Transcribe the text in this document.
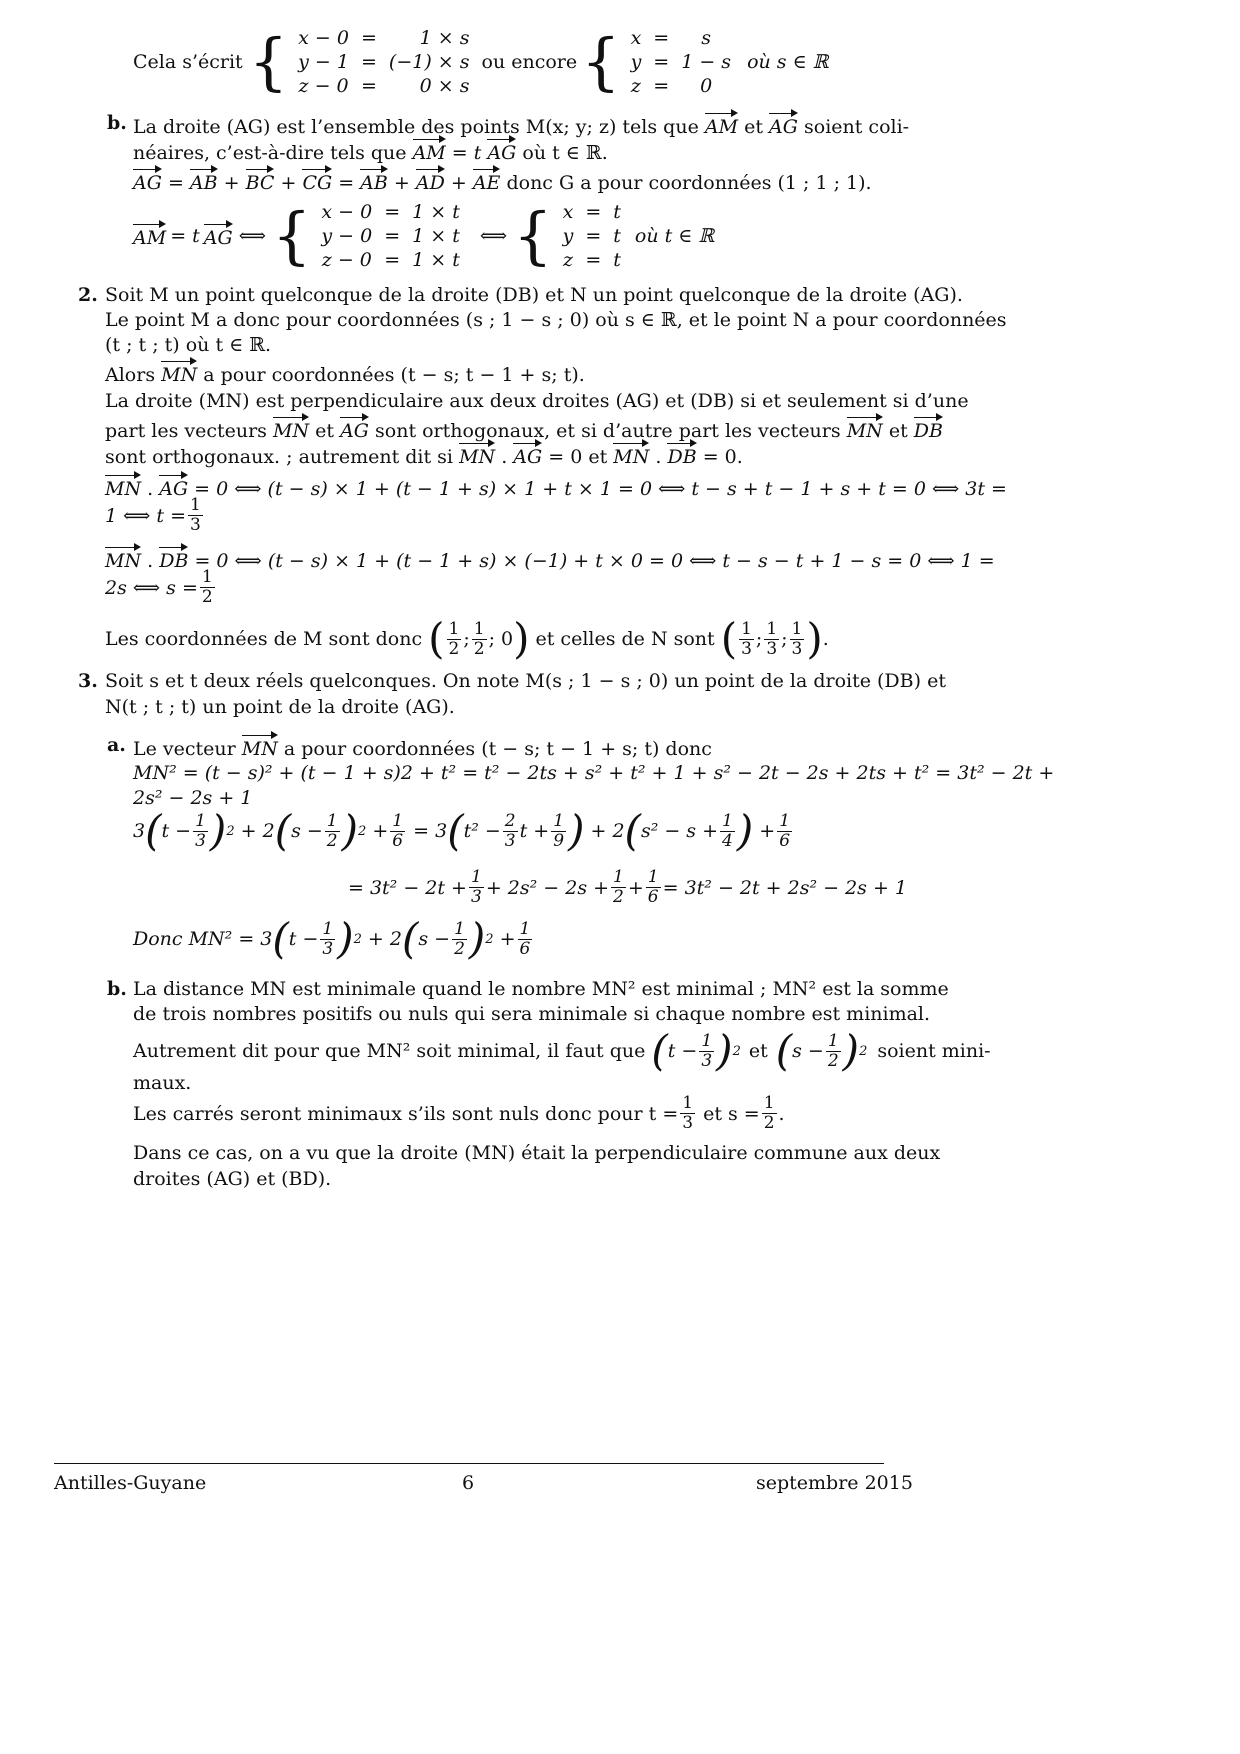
Cela s’écrit { x − 0	=	1 × s
y − 1	=	(−1) × s
z − 0	=	0 × s
ou encore { x	=	s
y	=	1 − s
z	=	0
où s ∈ ℝ
b. La droite (AG) est l’ensemble des points M(x; y; z) tels que AM et AG soient coli-
néaires, c’est-à-dire tels que AM = t AG où t ∈ ℝ.
AG = AB + BC + CG = AB + AD + AE donc G a pour coordonnées (1 ; 1 ; 1).
AM = t AG ⟺ { x − 0	=	1 × t
y − 0	=	1 × t
z − 0	=	1 × t
⟺ { x	=	t
y	=	t
z	=	t
où t ∈ ℝ
2. Soit M un point quelconque de la droite (DB) et N un point quelconque de la droite (AG).
Le point M a donc pour coordonnées (s ; 1 − s ; 0) où s ∈ ℝ, et le point N a pour coordonnées
(t ; t ; t) où t ∈ ℝ.
Alors MN a pour coordonnées (t − s; t − 1 + s; t).
La droite (MN) est perpendiculaire aux deux droites (AG) et (DB) si et seulement si d’une
part les vecteurs MN et AG sont orthogonaux, et si d’autre part les vecteurs MN et DB
sont orthogonaux. ; autrement dit si MN . AG = 0 et MN . DB = 0.
MN . AG = 0 ⟺ (t − s) × 1 + (t − 1 + s) × 1 + t × 1 = 0 ⟺ t − s + t − 1 + s + t = 0 ⟺ 3t =
1 ⟺ $t = \frac{1}{3}$
MN . DB = 0 ⟺ (t − s) × 1 + (t − 1 + s) × (−1) + t × 0 = 0 ⟺ t − s − t + 1 − s = 0 ⟺ 1 =
2s ⟺ $s = \frac{1}{2}$
Les coordonnées de M sont donc ( $\frac{1}{2}$ ; $\frac{1}{2}$ ; 0 ) et celles de N sont ( $\frac{1}{3}$ ; $\frac{1}{3}$ ; $\frac{1}{3}$ ) .
3. Soit s et t deux réels quelconques. On note M(s ; 1 − s ; 0) un point de la droite (DB) et
N(t ; t ; t) un point de la droite (AG).
a. Le vecteur MN a pour coordonnées (t − s; t − 1 + s; t) donc
MN² = (t − s)² + (t − 1 + s)2 + t² = t² − 2ts + s² + t² + 1 + s² − 2t − 2s + 2ts + t² = 3t² − 2t +
2s² − 2s + 1
3 ( $t - \frac{1}{3}$ ) 2 + 2 ( $s - \frac{1}{2}$ ) $2 + \frac{1}{6} = 3$ ( $t^2 - \frac{2}{3}$ $t + \frac{1}{9}$ ) + 2 ( $s^2 - s + \frac{1}{4}$ ) + $\frac{1}{6}$
= $3t^2 - 2t + \frac{1}{3} + 2s^2 - 2s + \frac{1}{2} + \frac{1}{6} = 3t^2 - 2t + 2s^2 - 2s + 1$
Donc MN² = 3 ( $t - \frac{1}{3}$ ) 2 + 2 ( $s - \frac{1}{2}$ ) $2 + \frac{1}{6}$
b. La distance MN est minimale quand le nombre MN² est minimal ; MN² est la somme
de trois nombres positifs ou nuls qui sera minimale si chaque nombre est minimal.
Autrement dit pour que MN² soit minimal, il faut que ( $t - \frac{1}{3}$ ) 2 et ( $s - \frac{1}{2}$ ) 2 soient mini-
maux.
Les carrés seront minimaux s’ils sont nuls donc pour $t = \frac{1}{3}$ et $s = \frac{1}{2}$ .
Dans ce cas, on a vu que la droite (MN) était la perpendiculaire commune aux deux
droites (AG) et (BD).
Antilles-Guyane	6	septembre 2015
